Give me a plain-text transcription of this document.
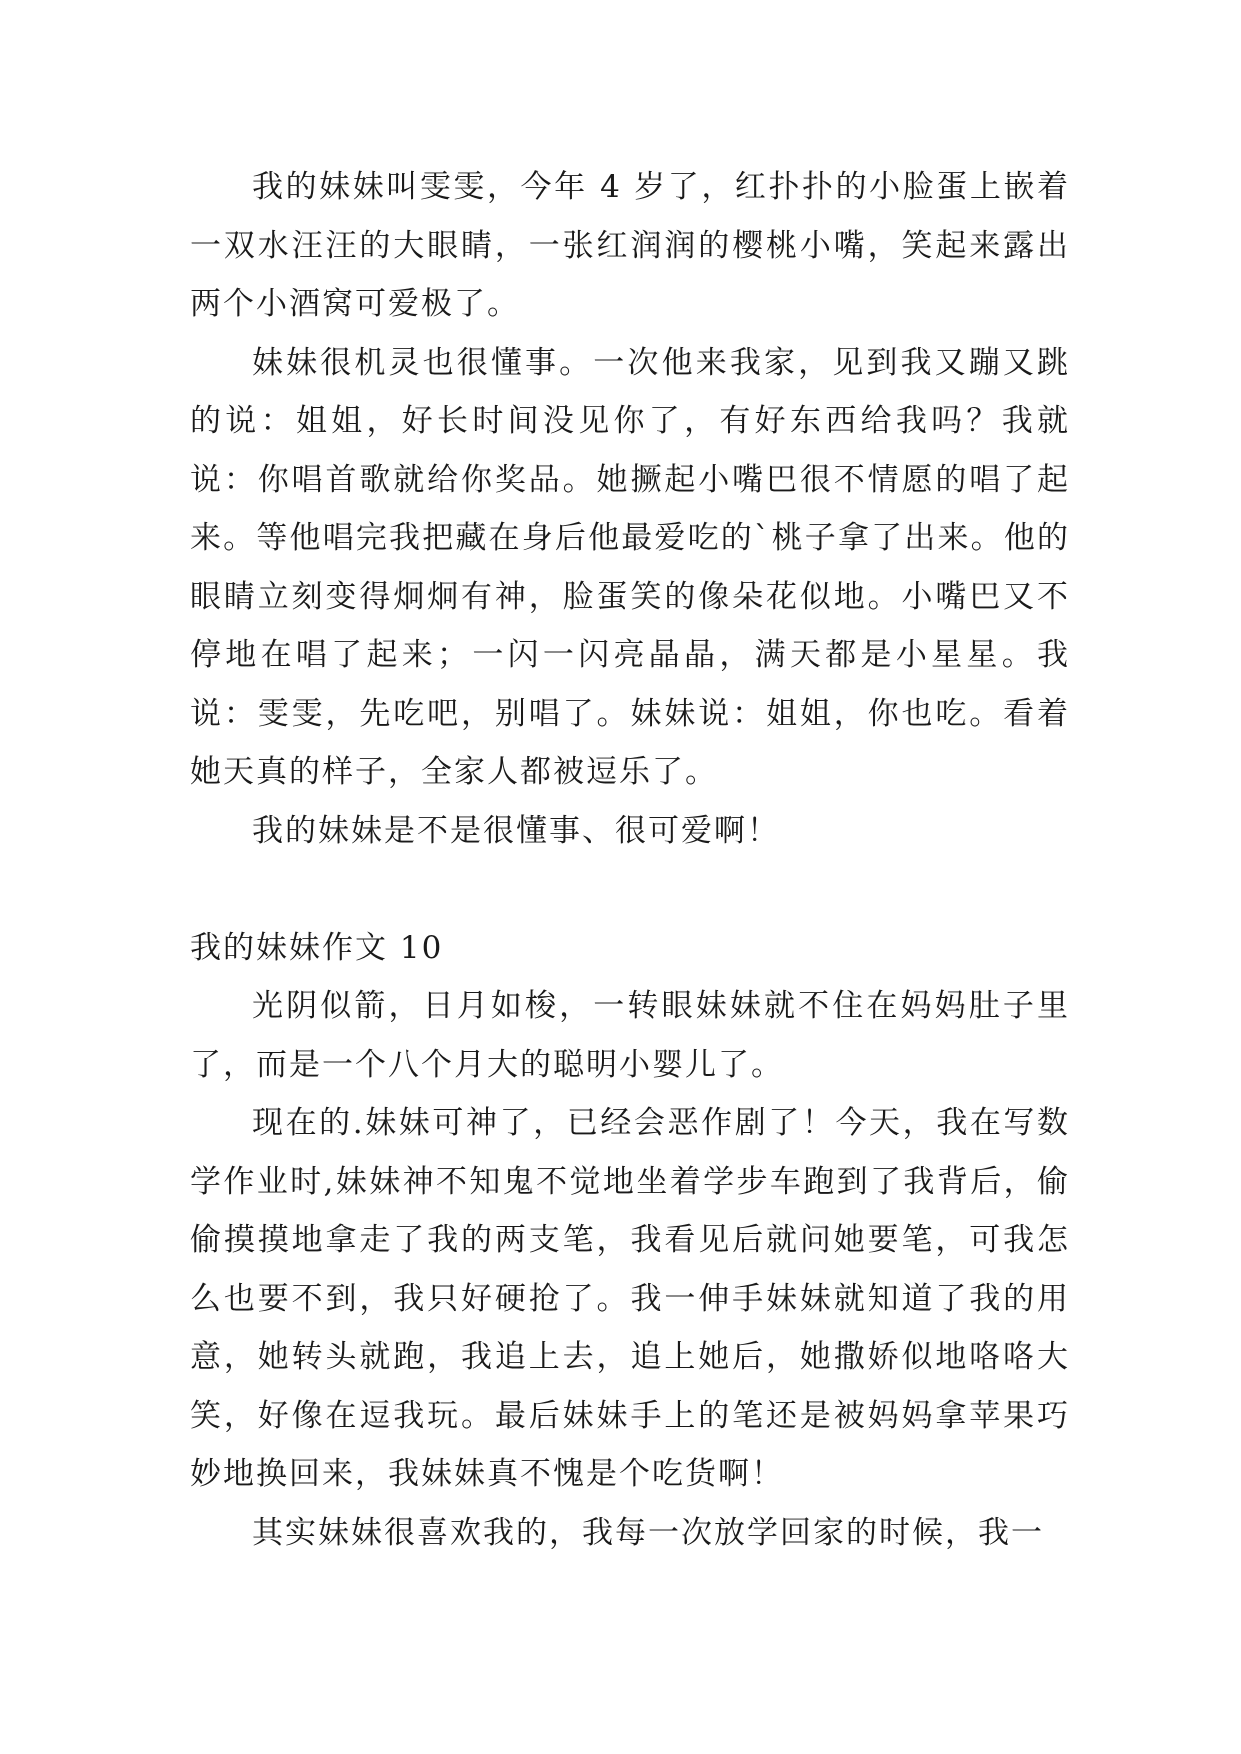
我的妹妹叫雯雯，今年 4 岁了，红扑扑的小脸蛋上嵌着一双水汪汪的大眼睛，一张红润润的樱桃小嘴，笑起来露出两个小酒窝可爱极了。

妹妹很机灵也很懂事。一次他来我家，见到我又蹦又跳的说：姐姐，好长时间没见你了，有好东西给我吗？我就说：你唱首歌就给你奖品。她撅起小嘴巴很不情愿的唱了起来。等他唱完我把藏在身后他最爱吃的`桃子拿了出来。他的眼睛立刻变得炯炯有神，脸蛋笑的像朵花似地。小嘴巴又不停地在唱了起来；一闪一闪亮晶晶，满天都是小星星。我说：雯雯，先吃吧，别唱了。妹妹说：姐姐，你也吃。看着她天真的样子，全家人都被逗乐了。

我的妹妹是不是很懂事、很可爱啊！

我的妹妹作文 10

光阴似箭，日月如梭，一转眼妹妹就不住在妈妈肚子里了，而是一个八个月大的聪明小婴儿了。

现在的.妹妹可神了，已经会恶作剧了！今天，我在写数学作业时,妹妹神不知鬼不觉地坐着学步车跑到了我背后，偷偷摸摸地拿走了我的两支笔，我看见后就问她要笔，可我怎么也要不到，我只好硬抢了。我一伸手妹妹就知道了我的用意，她转头就跑，我追上去，追上她后，她撒娇似地咯咯大笑，好像在逗我玩。最后妹妹手上的笔还是被妈妈拿苹果巧妙地换回来，我妹妹真不愧是个吃货啊！

其实妹妹很喜欢我的，我每一次放学回家的时候，我一
